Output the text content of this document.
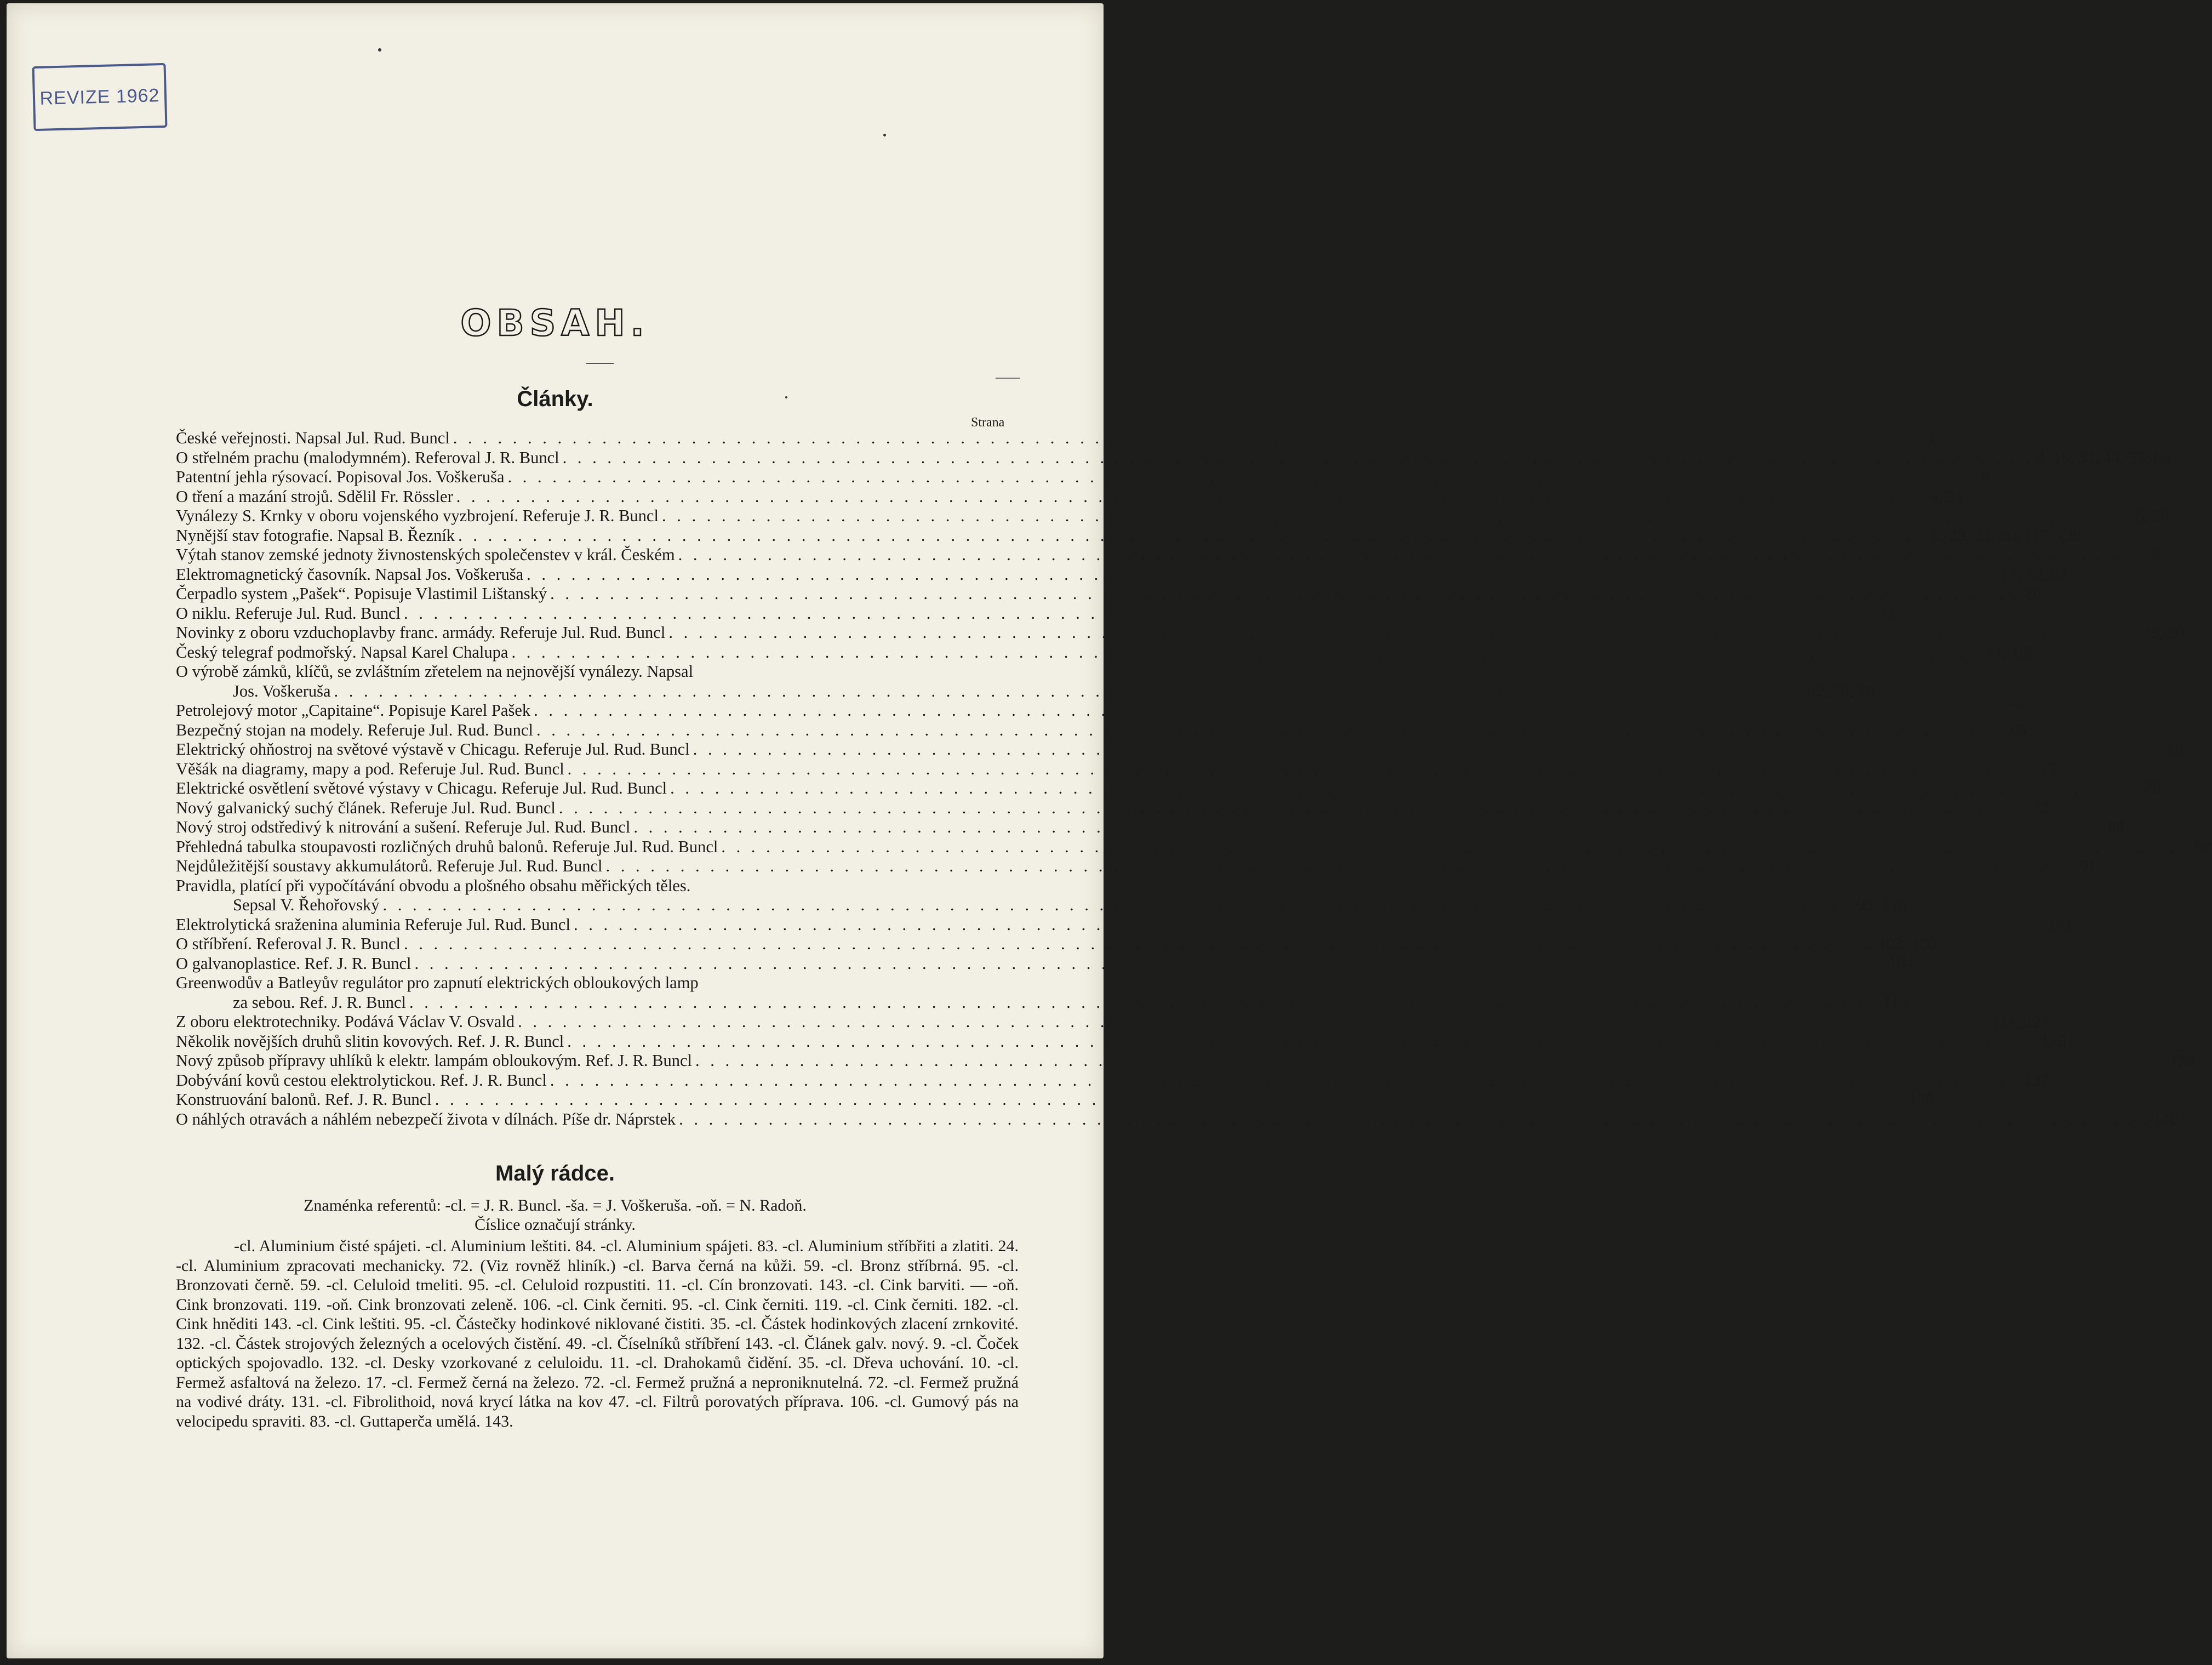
REVIZE 1962
OBSAH.
Články.
Strana
České veřejnosti. Napsal Jul. Rud. Buncl . . .	1
O střelném prachu (malodymném). Referoval J. R. Buncl . . .	2, 19, 32, 44, 55, 69
Patentní jehla rýsovací. Popisoval Jos. Voškeruša . . .	8
O tření a mazání strojů. Sdělil Fr. Rössler . . .	4, 31
Vynálezy S. Krnky v oboru vojenského vyzbrojení. Referuje J. R. Buncl . . .	5, 58
Nynější stav fotografie. Napsal B. Řezník . . .	6, 23, 43, 80, 117, 129
Výtah stanov zemské jednoty živnostenských společenstev v král. Českém . . .	8
Elektromagnetický časovník. Napsal Jos. Voškeruša . . .	17, 30, 67
Čerpadlo system „Pašek“. Popisuje Vlastimil Lištanský . . .	20
O niklu. Referuje Jul. Rud. Buncl . . .	22
Novinky z oboru vzduchoplavby franc. armády. Referuje Jul. Rud. Buncl . . .	29, 80
Český telegraf podmořský. Napsal Karel Chalupa . . .	41, 102
O výrobě zámků, klíčů, se zvláštním zřetelem na nejnovější vynálezy. Napsal
Jos. Voškeruša . . .	42, 56, 78
Petrolejový motor „Capitaine“. Popisuje Karel Pašek . . .	53
Bezpečný stojan na modely. Referuje Jul. Rud. Buncl . . .	65
Elektrický ohňostroj na světové výstavě v Chicagu. Referuje Jul. Rud. Buncl . . .	68
Věšák na diagramy, mapy a pod. Referuje Jul. Rud. Buncl . . .	77
Elektrické osvětlení světové výstavy v Chicagu. Referuje Jul. Rud. Buncl . . .	79
Nový galvanický suchý článek. Referuje Jul. Rud. Buncl . . .	82
Nový stroj odstředivý k nitrování a sušení. Referuje Jul. Rud. Buncl . . .	89
Přehledná tabulka stoupavosti rozličných druhů balonů. Referuje Jul. Rud. Buncl . . .	90
Nejdůležitější soustavy akkumulátorů. Referuje Jul. Rud. Buncl . . .	91
Pravidla, platící při vypočítávání obvodu a plošného obsahu měřických těles.
Sepsal V. Řehořovský . . .	93, 116
Elektrolytická sraženina aluminia Referuje Jul. Rud. Buncl . . .	101
O stříbření. Referoval J. R. Buncl . . .	103, 130
O galvanoplastice. Ref. J. R. Buncl . . .	104
Greenwodův a Batleyův regulátor pro zapnutí elektrických obloukových lamp
za sebou. Ref. J. R. Buncl . . .	113
Z oboru elektrotechniky. Podává Václav V. Osvald . . .	114, 127
Několik novějších druhů slitin kovových. Ref. J. R. Buncl . . .	128
Nový způsob přípravy uhlíků k elektr. lampám obloukovým. Ref. J. R. Buncl . . .	138
Dobývání kovů cestou elektrolytickou. Ref. J. R. Buncl . . .	137
Konstruování balonů. Ref. J. R. Buncl . . .	139
O náhlých otravách a náhlém nebezpečí života v dílnách. Píše dr. Náprstek . . .	140
Malý rádce.
Znaménka referentů: -cl. = J. R. Buncl. -ša. = J. Voškeruša. -oň. = N. Radoň.
Číslice označují stránky.
-cl. Aluminium čisté spájeti. -cl. Aluminium leštiti. 84. -cl. Aluminium spájeti. 83. -cl. Aluminium stříbřiti a zlatiti. 24. -cl. Aluminium zpracovati mechanicky. 72. (Viz rovněž hliník.) -cl. Barva černá na kůži. 59. -cl. Bronz stříbrná. 95. -cl. Bronzovati černě. 59. -cl. Celuloid tmeliti. 95. -cl. Celuloid rozpustiti. 11. -cl. Cín bronzovati. 143. -cl. Cink barviti. — -oň. Cink bronzovati. 119. -oň. Cink bronzovati zeleně. 106. -cl. Cink černiti. 95. -cl. Cink černiti. 119. -cl. Cink černiti. 182. -cl. Cink hněditi 143. -cl. Cink leštiti. 95. -cl. Částečky hodinkové niklované čistiti. 35. -cl. Částek hodinkových zlacení zrnkovité. 132. -cl. Částek strojových železných a ocelových čistění. 49. -cl. Číselníků stříbření 143. -cl. Článek galv. nový. 9. -cl. Čoček optických spojovadlo. 132. -cl. Desky vzorkované z celuloidu. 11. -cl. Drahokamů čidění. 35. -cl. Dřeva uchování. 10. -cl. Fermež asfaltová na železo. 17. -cl. Fermež černá na železo. 72. -cl. Fermež pružná a neproniknutelná. 72. -cl. Fermež pružná na vodivé dráty. 131. -cl. Fibrolithoid, nová krycí látka na kov 47. -cl. Filtrů porovatých příprava. 106. -cl. Gumový pás na velocipedu spraviti. 83. -cl. Guttaperča umělá. 143.
